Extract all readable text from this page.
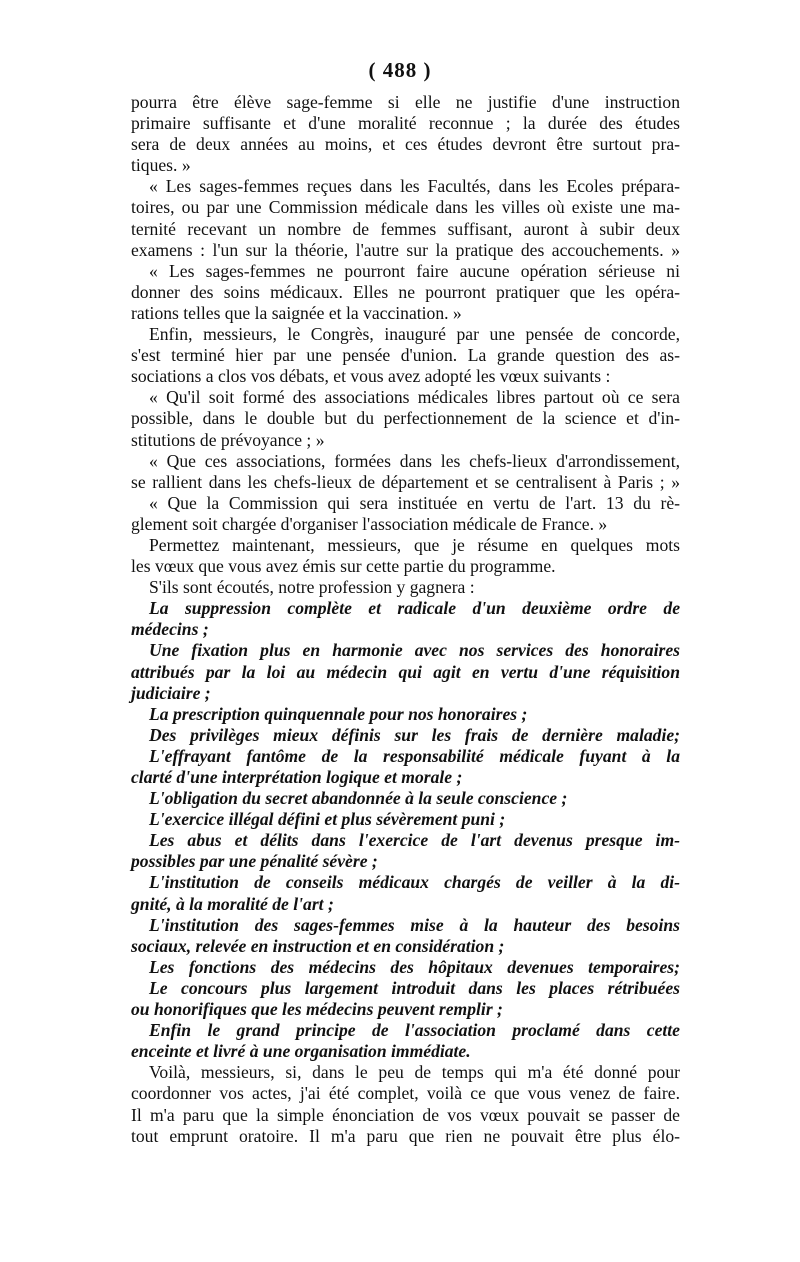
( 488 )
pourra être élève sage-femme si elle ne justifie d'une instruction
primaire suffisante et d'une moralité reconnue ; la durée des études
sera de deux années au moins, et ces études devront être surtout pra-
tiques. »
« Les sages-femmes reçues dans les Facultés, dans les Ecoles prépara-
toires, ou par une Commission médicale dans les villes où existe une ma-
ternité recevant un nombre de femmes suffisant, auront à subir deux
examens : l'un sur la théorie, l'autre sur la pratique des accouchements. »
« Les sages-femmes ne pourront faire aucune opération sérieuse ni
donner des soins médicaux. Elles ne pourront pratiquer que les opéra-
rations telles que la saignée et la vaccination. »
Enfin, messieurs, le Congrès, inauguré par une pensée de concorde,
s'est terminé hier par une pensée d'union. La grande question des as-
sociations a clos vos débats, et vous avez adopté les vœux suivants :
« Qu'il soit formé des associations médicales libres partout où ce sera
possible, dans le double but du perfectionnement de la science et d'in-
stitutions de prévoyance ; »
« Que ces associations, formées dans les chefs-lieux d'arrondissement,
se rallient dans les chefs-lieux de département et se centralisent à Paris ; »
« Que la Commission qui sera instituée en vertu de l'art. 13 du rè-
glement soit chargée d'organiser l'association médicale de France. »
Permettez maintenant, messieurs, que je résume en quelques mots
les vœux que vous avez émis sur cette partie du programme.
S'ils sont écoutés, notre profession y gagnera :
La suppression complète et radicale d'un deuxième ordre de
médecins ;
Une fixation plus en harmonie avec nos services des honoraires
attribués par la loi au médecin qui agit en vertu d'une réquisition
judiciaire ;
La prescription quinquennale pour nos honoraires ;
Des privilèges mieux définis sur les frais de dernière maladie;
L'effrayant fantôme de la responsabilité médicale fuyant à la
clarté d'une interprétation logique et morale ;
L'obligation du secret abandonnée à la seule conscience ;
L'exercice illégal défini et plus sévèrement puni ;
Les abus et délits dans l'exercice de l'art devenus presque im-
possibles par une pénalité sévère ;
L'institution de conseils médicaux chargés de veiller à la di-
gnité, à la moralité de l'art ;
L'institution des sages-femmes mise à la hauteur des besoins
sociaux, relevée en instruction et en considération ;
Les fonctions des médecins des hôpitaux devenues temporaires;
Le concours plus largement introduit dans les places rétribuées
ou honorifiques que les médecins peuvent remplir ;
Enfin le grand principe de l'association proclamé dans cette
enceinte et livré à une organisation immédiate.
Voilà, messieurs, si, dans le peu de temps qui m'a été donné pour
coordonner vos actes, j'ai été complet, voilà ce que vous venez de faire.
Il m'a paru que la simple énonciation de vos vœux pouvait se passer de
tout emprunt oratoire. Il m'a paru que rien ne pouvait être plus élo-
